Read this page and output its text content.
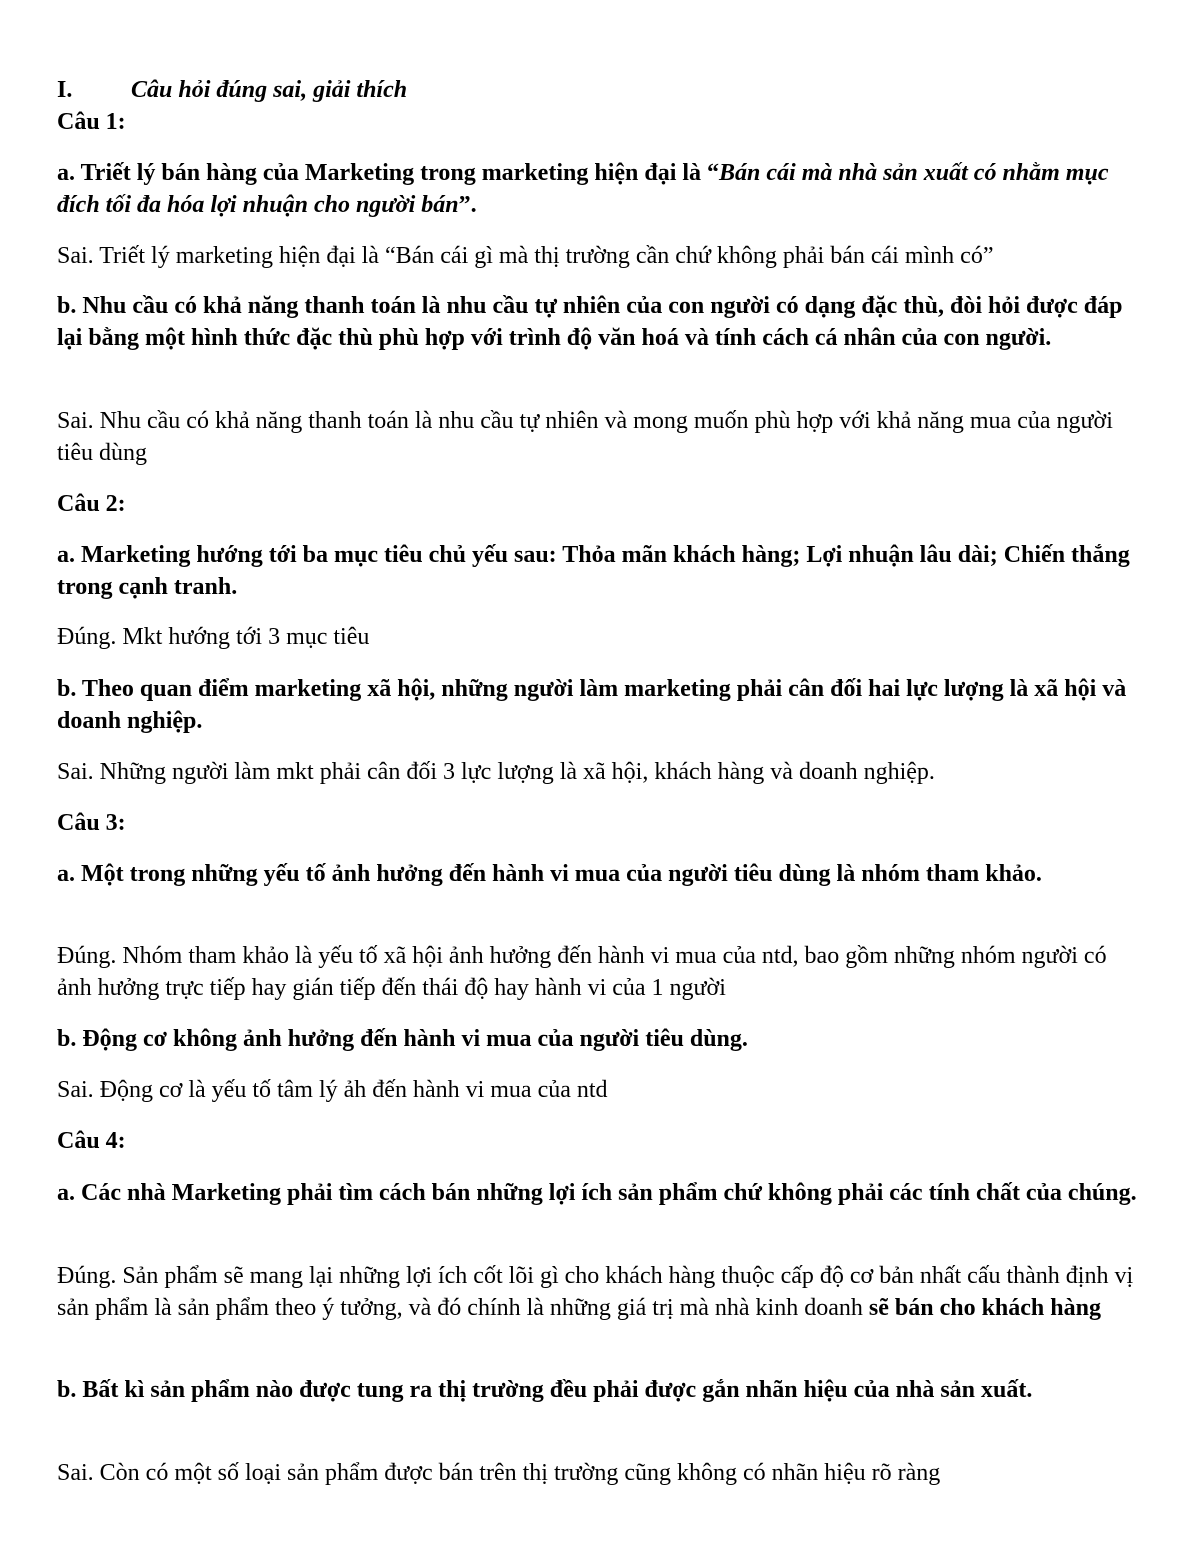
I. Câu hỏi đúng sai, giải thích

Câu 1:

a. Triết lý bán hàng của Marketing trong marketing hiện đại là “Bán cái mà nhà sản xuất có nhằm mục đích tối đa hóa lợi nhuận cho người bán”.

Sai. Triết lý marketing hiện đại là “Bán cái gì mà thị trường cần chứ không phải bán cái mình có”

b. Nhu cầu có khả năng thanh toán là nhu cầu tự nhiên của con người có dạng đặc thù, đòi hỏi được đáp lại bằng một hình thức đặc thù phù hợp với trình độ văn hoá và tính cách cá nhân của con người.

Sai. Nhu cầu có khả năng thanh toán là nhu cầu tự nhiên và mong muốn phù hợp với khả năng mua của người tiêu dùng

Câu 2:

a. Marketing hướng tới ba mục tiêu chủ yếu sau: Thỏa mãn khách hàng; Lợi nhuận lâu dài; Chiến thắng trong cạnh tranh.

Đúng. Mkt hướng tới 3 mục tiêu

b. Theo quan điểm marketing xã hội, những người làm marketing phải cân đối hai lực lượng là xã hội và doanh nghiệp.

Sai. Những người làm mkt phải cân đối 3 lực lượng là xã hội, khách hàng và doanh nghiệp.

Câu 3:

a. Một trong những yếu tố ảnh hưởng đến hành vi mua của người tiêu dùng là nhóm tham khảo.

Đúng. Nhóm tham khảo là yếu tố xã hội ảnh hưởng đến hành vi mua của ntd, bao gồm những nhóm người có ảnh hưởng trực tiếp hay gián tiếp đến thái độ hay hành vi của 1 người

b. Động cơ không ảnh hưởng đến hành vi mua của người tiêu dùng.

Sai. Động cơ là yếu tố tâm lý ảh đến hành vi mua của ntd

Câu 4:

a. Các nhà Marketing phải tìm cách bán những lợi ích sản phẩm chứ không phải các tính chất của chúng.

Đúng. Sản phẩm sẽ mang lại những lợi ích cốt lõi gì cho khách hàng thuộc cấp độ cơ bản nhất cấu thành định vị sản phẩm là sản phẩm theo ý tưởng, và đó chính là những giá trị mà nhà kinh doanh sẽ bán cho khách hàng

b. Bất kì sản phẩm nào được tung ra thị trường đều phải được gắn nhãn hiệu của nhà sản xuất.

Sai. Còn có một số loại sản phẩm được bán trên thị trường cũng không có nhãn hiệu rõ ràng
